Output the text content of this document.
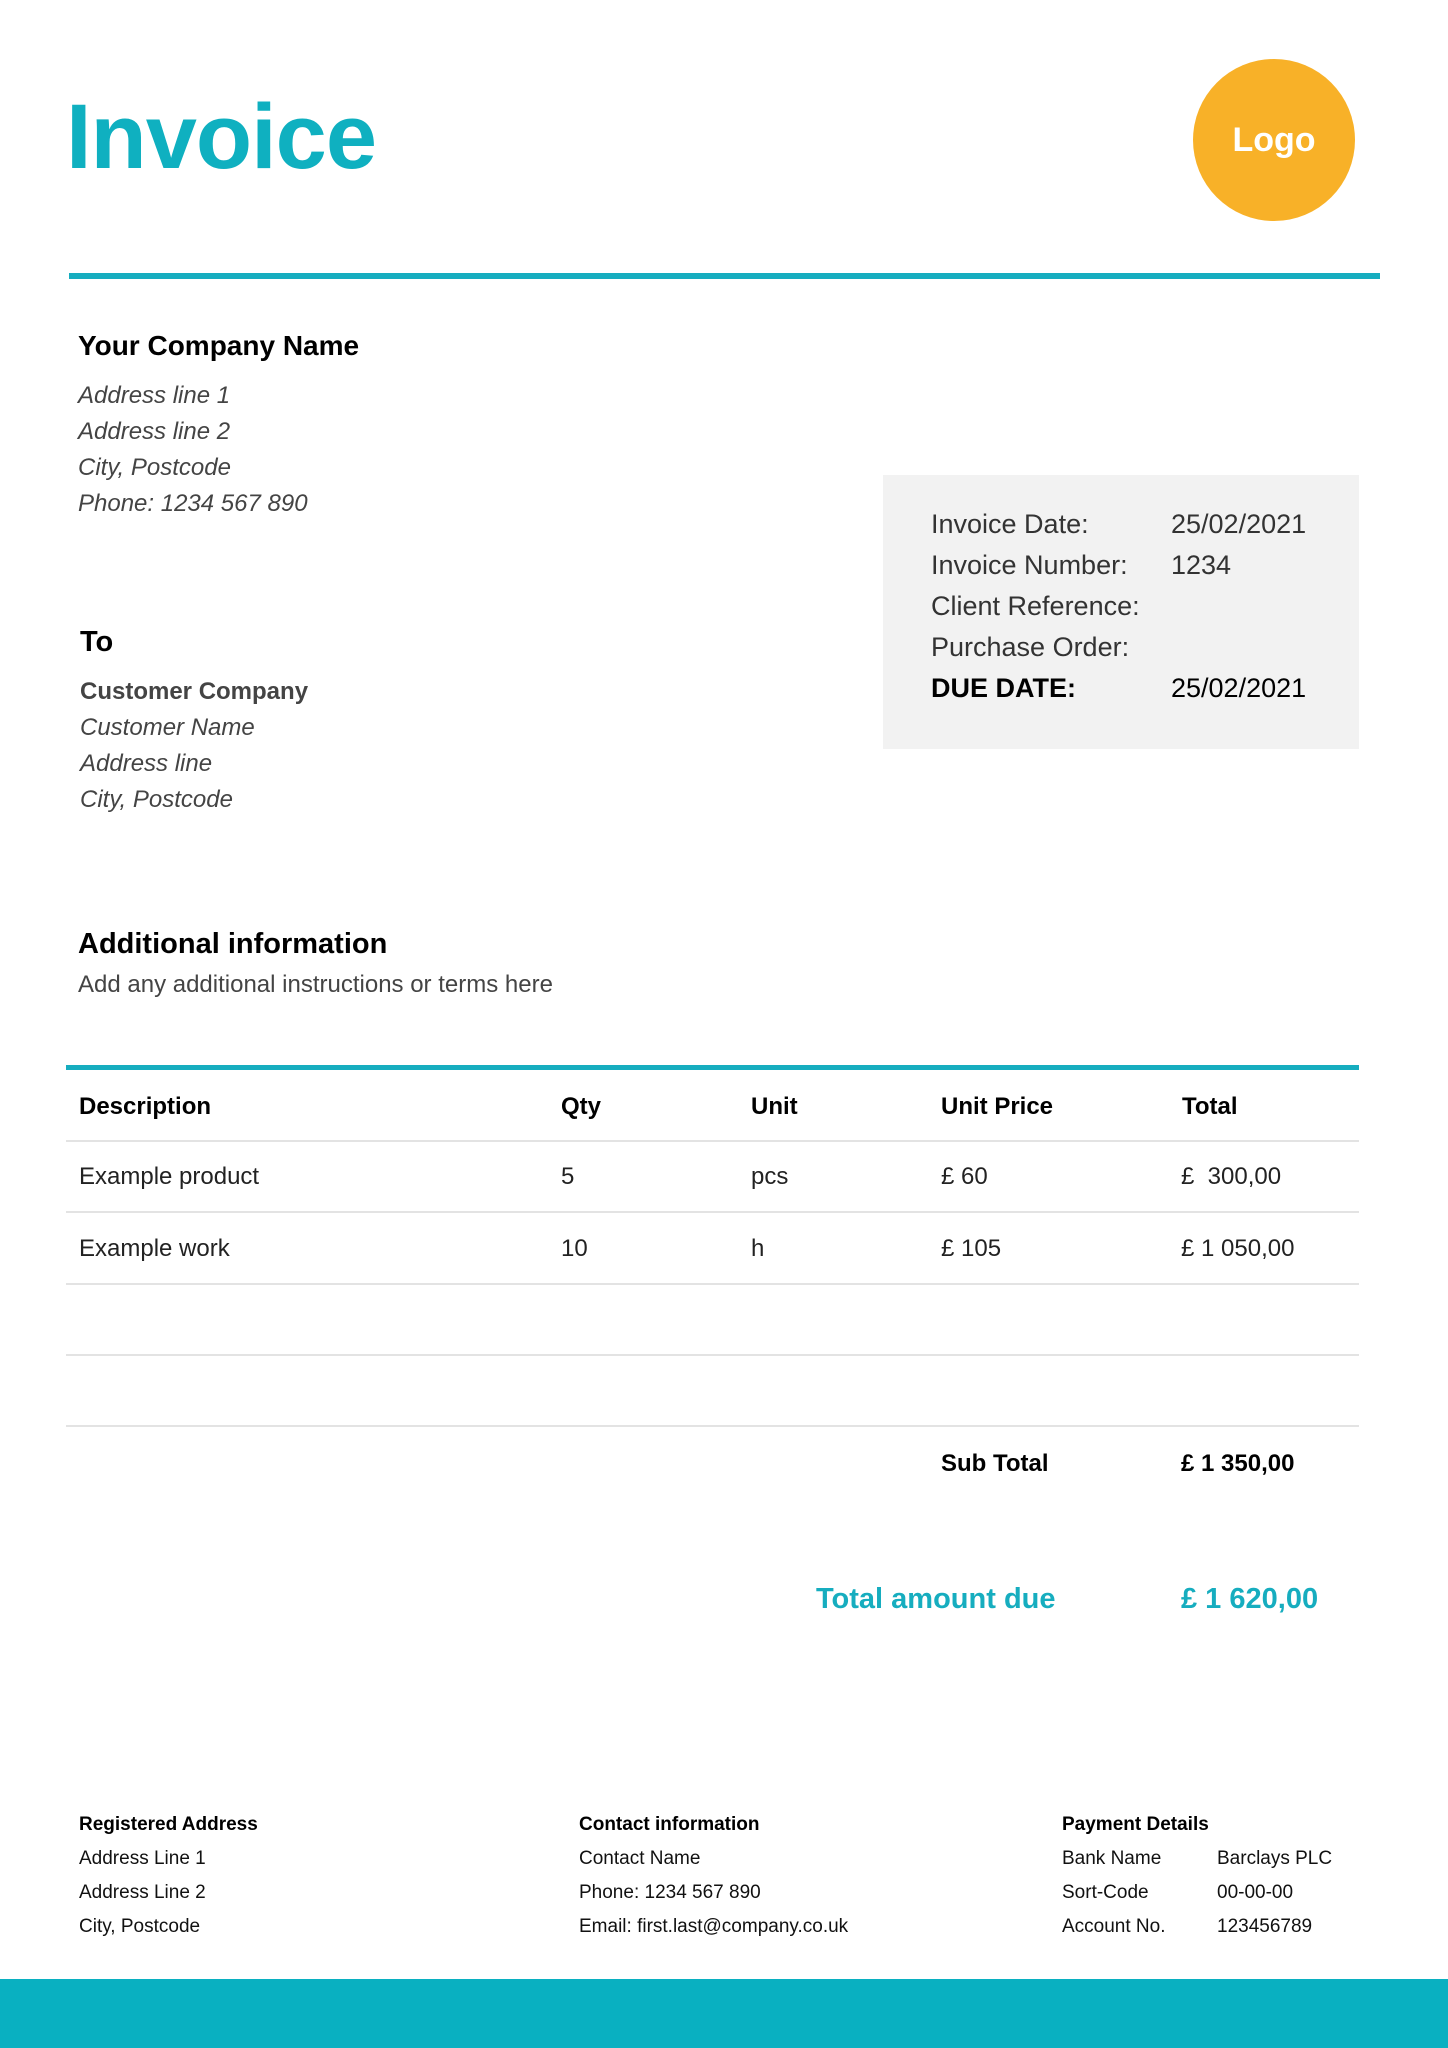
Invoice	Logo
Your Company Name
Address line 1
Address line 2
City, Postcode
Phone: 1234 567 890
Invoice Date:	25/02/2021
Invoice Number: 1234
Client Reference:
Purchase Order:
DUE DATE:	25/02/2021
To
Customer Company
Customer Name
Address line
City, Postcode
Additional information
Add any additional instructions or terms here
Description	Qty	Unit	Unit Price	Total
Example product	5	pcs	£ 60	£  300,00
Example work	10	h	£ 105	£ 1 050,00
Sub Total	£ 1 350,00
Total amount due	£ 1 620,00
Registered Address
Address Line 1
Address Line 2
City, Postcode
Contact information
Contact Name
Phone: 1234 567 890
Email: first.last@company.co.uk
Payment Details
Bank Name	Barclays PLC
Sort-Code	00-00-00
Account No.	123456789
